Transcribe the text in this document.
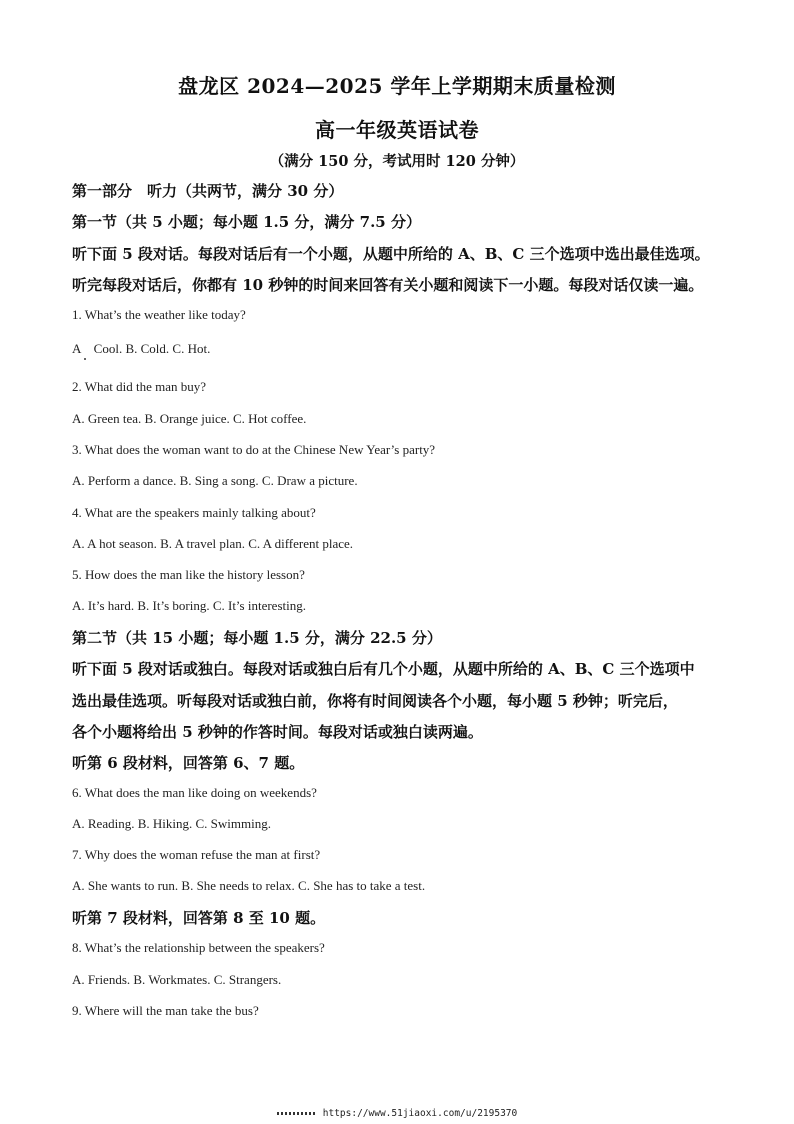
盘龙区 2024—2025 学年上学期期末质量检测
高一年级英语试卷
（满分 150 分，考试用时 120 分钟）
第一部分　听力（共两节，满分 30 分）
第一节（共 5 小题；每小题 1.5 分，满分 7.5 分）
听下面 5 段对话。每段对话后有一个小题，从题中所给的 A、B、C 三个选项中选出最佳选项。
听完每段对话后，你都有 10 秒钟的时间来回答有关小题和阅读下一小题。每段对话仅读一遍。
1. What’s the weather like today?
A　Cool. B. Cold. C. Hot.
2. What did the man buy?
A. Green tea. B. Orange juice. C. Hot coffee.
3. What does the woman want to do at the Chinese New Year’s party?
A. Perform a dance. B. Sing a song. C. Draw a picture.
4. What are the speakers mainly talking about?
A. A hot season. B. A travel plan. C. A different place.
5. How does the man like the history lesson?
A. It’s hard. B. It’s boring. C. It’s interesting.
第二节（共 15 小题；每小题 1.5 分，满分 22.5 分）
听下面 5 段对话或独白。每段对话或独白后有几个小题，从题中所给的 A、B、C 三个选项中
选出最佳选项。听每段对话或独白前，你将有时间阅读各个小题，每小题 5 秒钟；听完后，
各个小题将给出 5 秒钟的作答时间。每段对话或独白读两遍。
听第 6 段材料，回答第 6、7 题。
6. What does the man like doing on weekends?
A. Reading. B. Hiking. C. Swimming.
7. Why does the woman refuse the man at first?
A. She wants to run. B. She needs to relax. C. She has to take a test.
听第 7 段材料，回答第 8 至 10 题。
8. What’s the relationship between the speakers?
A. Friends. B. Workmates. C. Strangers.
9. Where will the man take the bus?
https://www.51jiaoxi.com/u/2195370
